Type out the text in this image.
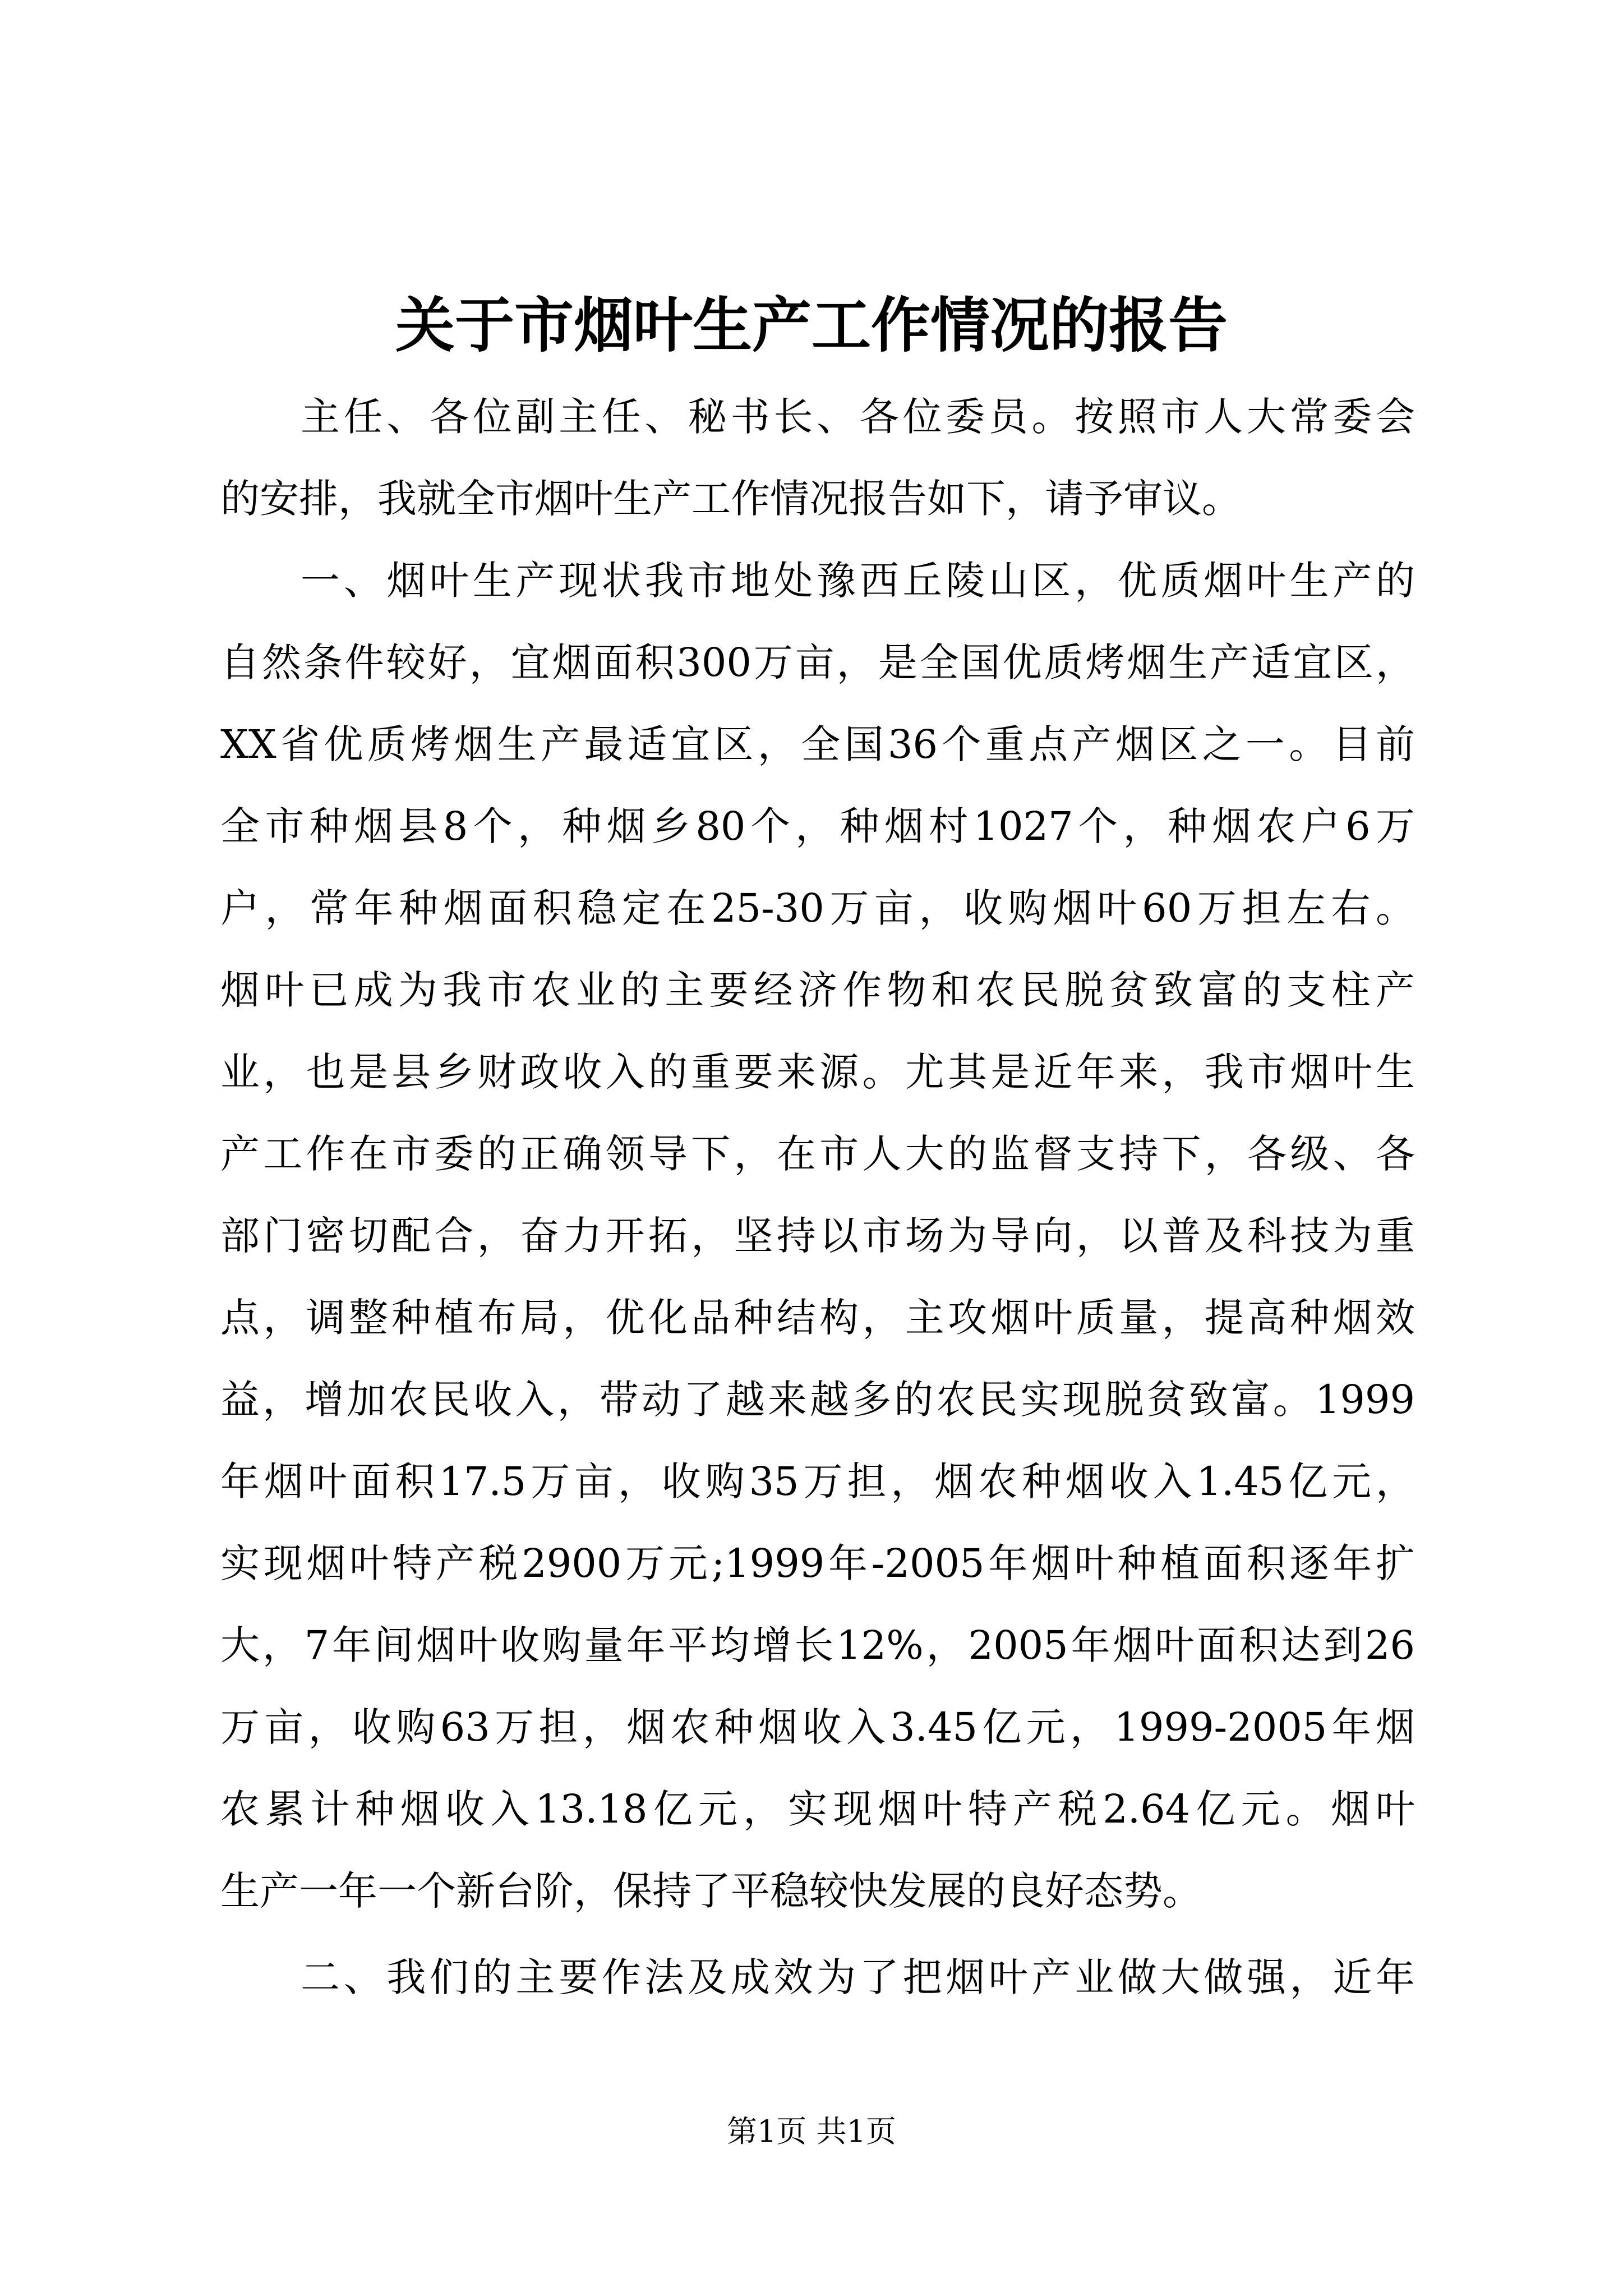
关于市烟叶生产工作情况的报告
主任、各位副主任、秘书长、各位委员。按照市人大常委会
的安排，我就全市烟叶生产工作情况报告如下，请予审议。
一、烟叶生产现状我市地处豫西丘陵山区，优质烟叶生产的
自然条件较好，宜烟面积300万亩，是全国优质烤烟生产适宜区，
XX省优质烤烟生产最适宜区，全国36个重点产烟区之一。目前
全市种烟县8个，种烟乡80个，种烟村1027个，种烟农户6万
户，常年种烟面积稳定在25-30万亩，收购烟叶60万担左右。
烟叶已成为我市农业的主要经济作物和农民脱贫致富的支柱产
业，也是县乡财政收入的重要来源。尤其是近年来，我市烟叶生
产工作在市委的正确领导下，在市人大的监督支持下，各级、各
部门密切配合，奋力开拓，坚持以市场为导向，以普及科技为重
点，调整种植布局，优化品种结构，主攻烟叶质量，提高种烟效
益，增加农民收入，带动了越来越多的农民实现脱贫致富。1999
年烟叶面积17.5万亩，收购35万担，烟农种烟收入1.45亿元，
实现烟叶特产税2900万元;1999年-2005年烟叶种植面积逐年扩
大，7年间烟叶收购量年平均增长12%，2005年烟叶面积达到26
万亩，收购63万担，烟农种烟收入3.45亿元，1999-2005年烟
农累计种烟收入13.18亿元，实现烟叶特产税2.64亿元。烟叶
生产一年一个新台阶，保持了平稳较快发展的良好态势。
二、我们的主要作法及成效为了把烟叶产业做大做强，近年
第1页 共1页
